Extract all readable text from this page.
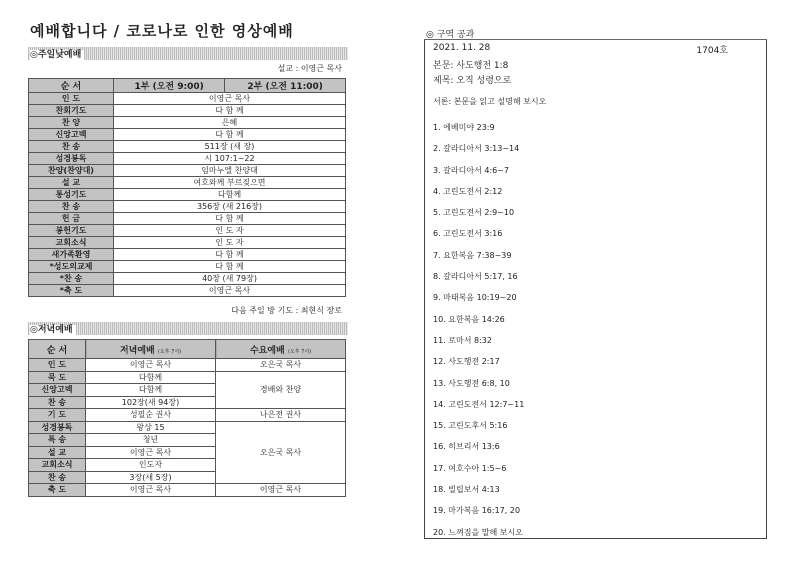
예배합니다 / 코로나로 인한 영상예배
◎주일낮예배
설교 : 이영근 목사
순 서	1부 (오전 9:00)	2부 (오전 11:00)
인 도	이영근 목사	
찬회기도	다 함 께	
찬 양	은혜	
신앙고백	다 함 께	
찬 송	511장 (새 장)	
성경봉독	시 107:1~22	
찬양(찬양대)	임마누엘 찬양대	
설 교	여호와께 부르짖으면	
통성기도	다함께	
찬 송	356장 (새 216장)	
헌 금	다 함 께	
봉헌기도	인 도 자	
교회소식	인 도 자	
새가족환영	다 함 께	
*성도의교제	다 함 께	
*찬 송	40장 (새 79장)	
*축 도	이영근 목사	
다음 주일 방 기도 : 최현식 장로
◎저녁예배
순 서	저녁예배 (오후 7시)	수요예배 (오후 7시)
인 도	이영근 목사	오은국 목사
묵 도	다함께	경배와 찬양
신앙고백	다함께	
찬 송	102장(새 94장)	
기 도	성필순 권사	나은전 권사
성경봉독	왕상 15	오은국 목사
특 송	청년	
설 교	이영근 목사	
교회소식	인도자	
찬 송	3장(새 5장)	
축 도	이영근 목사	이영근 목사
◎ 구역 공과
2021. 11. 28	1704호
본문: 사도행전 1:8
제목: 오직 성령으로
서론: 본문을 읽고 설명해 보시오
1. 에베미야 23:9
2. 갈라디아서 3:13~14
3. 갈라디아서 4:6~7
4. 고린도전서 2:12
5. 고린도전서 2:9~10
6. 고린도전서 3:16
7. 요한복음 7:38~39
8. 갈라디아서 5:17, 16
9. 마태복음 10:19~20
10. 요한복음 14:26
11. 로마서 8:32
12. 사도행전 2:17
13. 사도행전 6:8, 10
14. 고린도전서 12:7~11
15. 고린도후서 5:16
16. 히브리서 13:6
17. 여호수아 1:5~6
18. 빌립보서 4:13
19. 마가복음 16:17, 20
20. 느껴짐을 말해 보시오
